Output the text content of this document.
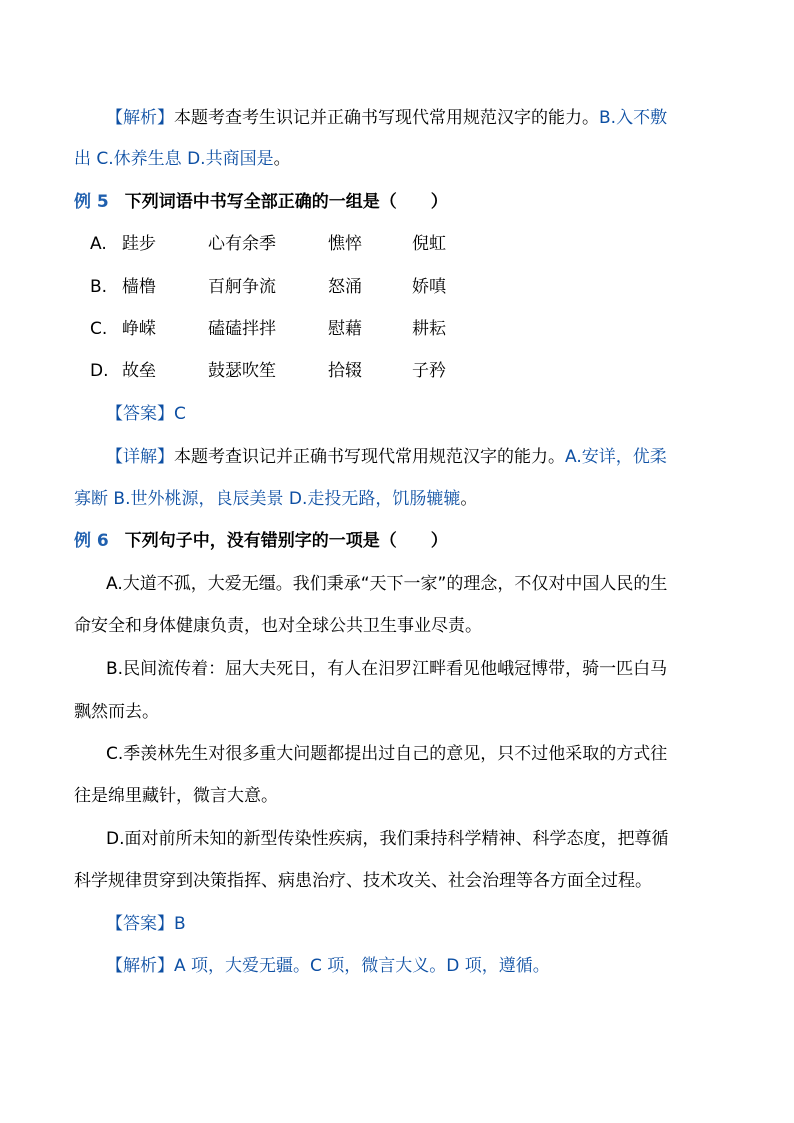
【解析】本题考查考生识记并正确书写现代常用规范汉字的能力。B.入不敷
出 C.休养生息 D.共商国是。
例 5 下列词语中书写全部正确的一组是（　　）
A. 跬步	心有余季	憔悴	倪虹
B. 樯橹	百舸争流	怒涌	娇嗔
C. 峥嵘	磕磕拌拌	慰藉	耕耘
D. 故垒	鼓瑟吹笙	拾辍	子矜
【答案】C
【详解】本题考查识记并正确书写现代常用规范汉字的能力。A.安详，优柔
寡断 B.世外桃源，良辰美景 D.走投无路，饥肠辘辘。
例 6 下列句子中，没有错别字的一项是（　　）
A.大道不孤，大爱无缰。我们秉承“天下一家”的理念，不仅对中国人民的生
命安全和身体健康负责，也对全球公共卫生事业尽责。
B.民间流传着：屈大夫死日，有人在汨罗江畔看见他峨冠博带，骑一匹白马
飘然而去。
C.季羡林先生对很多重大问题都提出过自己的意见，只不过他采取的方式往
往是绵里藏针，微言大意。
D.面对前所未知的新型传染性疾病，我们秉持科学精神、科学态度，把尊循
科学规律贯穿到决策指挥、病患治疗、技术攻关、社会治理等各方面全过程。
【答案】B
【解析】A 项，大爱无疆。C 项，微言大义。D 项，遵循。
